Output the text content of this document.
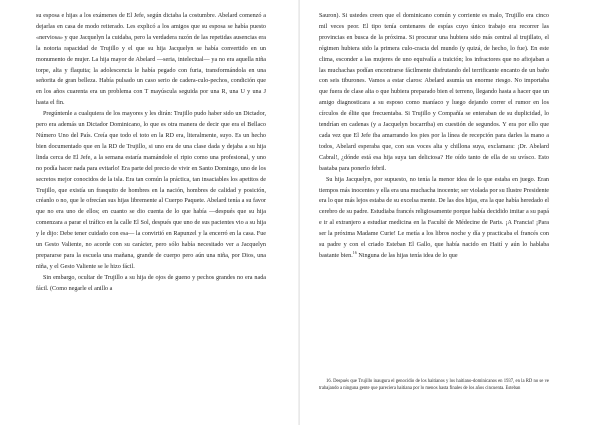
su esposa e hijas a los exámenes de El Jefe, según dictaba la costumbre. Abelard comenzó a dejarlas en casa de modo reiterado. Les explicó a los amigos que su esposa se había puesto «nerviosa» y que Jacquelyn la cuidaba, pero la verdadera razón de las repetidas ausencias era la notoria rapacidad de Trujillo y el que su hija Jacquelyn se había convertido en un monumento de mujer. La hija mayor de Abelard —seria, intelectual— ya no era aquella niña torpe, alta y flaquita; la adolescencia le había pegado con furia, transformándola en una señorita de gran belleza. Había pulsado un caso serio de cadera-culo-pechos, condición que en los años cuarenta era un problema con T mayúscula seguida por una R, una U y una J hasta el fin.

Pregúntenle a cualquiera de los mayores y les dirán: Trujillo pudo haber sido un Dictador, pero era además un Dictador Dominicano, lo que es otra manera de decir que era el Bellaco Número Uno del País. Creía que todo el toto en la RD era, literalmente, suyo. Es un hecho bien documentado que en la RD de Trujillo, si uno era de una clase dada y dejaba a su hija linda cerca de El Jefe, a la semana estaría mamándole el ripio como una profesional, y uno no podía hacer nada para evitarlo! Era parte del precio de vivir en Santo Domingo, uno de los secretos mejor conocidos de la isla. Era tan común la práctica, tan insaciables los apetitos de Trujillo, que existía un frasquito de hombres en la nación, hombres de calidad y posición, créanlo o no, que le ofrecían sus hijas libremente al Cuerpo Paquete. Abelard tenía a su favor que no era uno de ellos; en cuanto se dio cuenta de lo que había —después que su hija comenzara a parar el tráfico en la calle El Sol, después que uno de sus pacientes vio a su hija y le dijo: Debe tener cuidado con esa— la convirtió en Rapunzel y la encerró en la casa. Fue un Gesto Valiente, no acorde con su carácter, pero sólo había necesitado ver a Jacquelyn prepararse para la escuela una mañana, grande de cuerpo pero aún una niña, por Dios, una niña, y el Gesto Valiente se le hizo fácil.

Sin embargo, ocultar de Trujillo a su hija de ojos de gueno y pechos grandes no era nada fácil. (Como negarle el anillo a

Sauron). Si ustedes creen que el dominicano común y corriente es malo, Trujillo era cinco mil veces peor. El tipo tenía centenares de espías cuyo único trabajo era recorrer las provincias en busca de la próxima. Si procurar una hubiera sido más central al trujillato, el régimen hubiera sido la primera culo-cracia del mundo (y quizá, de hecho, lo fue). En este clima, esconder a las mujeres de uno equivalía a traición; los infractores que no afiojaban a las muchachas podían encontrarse fácilmente disfrutando del terrificante encanto de un baño con seis tiburones. Vamos a estar claros: Abelard asumía un enorme riesgo. No importaba que fuera de clase alta o que hubiera preparado bien el terreno, llegando hasta a hacer que un amigo diagnosticara a su esposo como maníaco y luego dejando correr el rumor en los círculos de élite que frecuentaba. Si Trujillo y Compañía se enteraban de su duplicidad, lo tendrían en cadenas (y a Jacquelyn bocarriba) en cuestión de segundos. Y era por ello que cada vez que El Jefe iba amarrando los pies por la línea de recepción para darles la mano a todos, Abelard esperaba que, con sus voces alta y chillona suya, exclamara: ¡Dr. Abelard Cabral!, ¿dónde está esa hija suya tan deliciosa? He oído tanto de ella de su uvísco. Esto bastaba para ponerlo febril.

Su hija Jacquelyn, por supuesto, no tenía la menor idea de lo que estaba en juego. Eran tiempos más inocentes y ella era una muchacha inocente; ser violada por su Ilustre Presidente era lo que más lejos estaba de su excelsa mente. De las dos hijas, era la que había heredado el cerebro de su padre. Estudiaba francés religiosamente porque había decidido imitar a su papá e ir al extranjero a estudiar medicina en la Faculté de Médecine de Paris. ¡A Francia! ¡Para ser la próxima Madame Curie! Le metía a los libros noche y día y practicaba el francés con su padre y con el criado Esteban El Gallo, que había nacido en Haití y aún lo hablaba bastante bien.$^{16}$ Ninguna de las hijas tenía idea de lo que

16. Después que Trujillo inaugura el genocidio de los haitianos y los haitiano-dominicanos en 1937, en la RD no se ve trabajando a ninguna gente que pareciera haitiana por lo menos hasta finales de los años cincuenta. Esteban
